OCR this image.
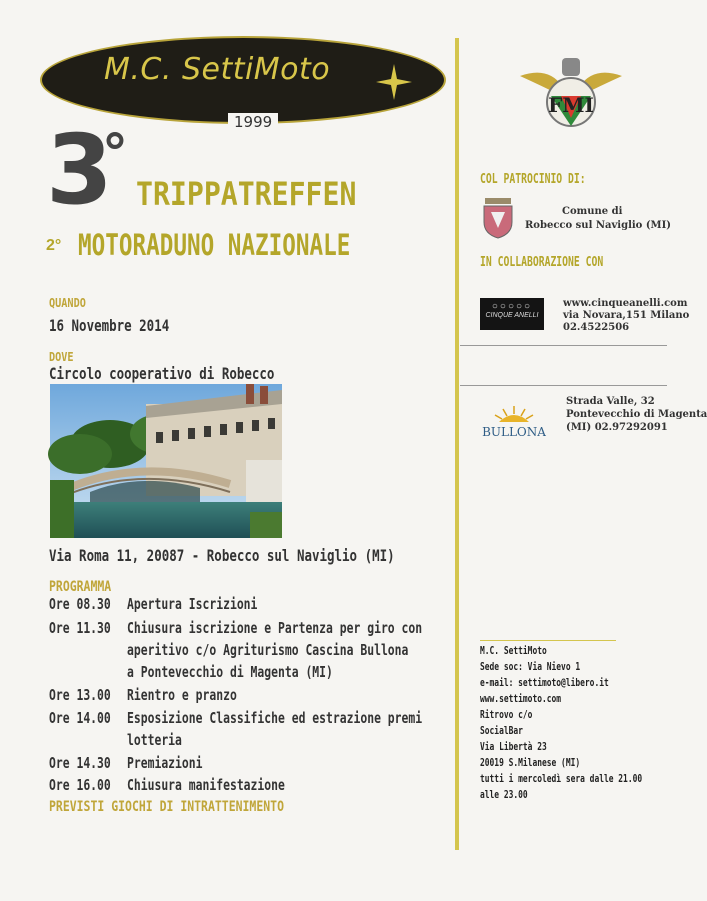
M.C. SettiMoto
1999
3
°
TRIPPATREFFEN
2° MOTORADUNO NAZIONALE
QUANDO
16 Novembre 2014
DOVE
Circolo cooperativo di Robecco
Via Roma 11, 20087 - Robecco sul Naviglio (MI)
PROGRAMMA
Ore 08.30 Apertura Iscrizioni
Ore 11.30 Chiusura iscrizione e Partenza per giro con
aperitivo c/o Agriturismo Cascina Bullona
a Pontevecchio di Magenta (MI)
Ore 13.00 Rientro e pranzo
Ore 14.00 Esposizione Classifiche ed estrazione premi
lotteria
Ore 14.30 Premiazioni
Ore 16.00 Chiusura manifestazione
PREVISTI GIOCHI DI INTRATTENIMENTO
FMI
COL PATROCINIO DI:
Comune di
Robecco sul Naviglio (MI)
IN COLLABORAZIONE CON
○○○○○
CINQUE ANELLI
www.cinqueanelli.com
via Novara,151 Milano
02.4522506
BULLONA
Strada Valle, 32
Pontevecchio di Magenta
(MI) 02.97292091
M.C. SettiMoto
Sede soc: Via Nievo 1
e-mail: settimoto@libero.it
www.settimoto.com
Ritrovo c/o
SocialBar
Via Libertà 23
20019 S.Milanese (MI)
tutti i mercoledì sera dalle 21.00
alle 23.00
